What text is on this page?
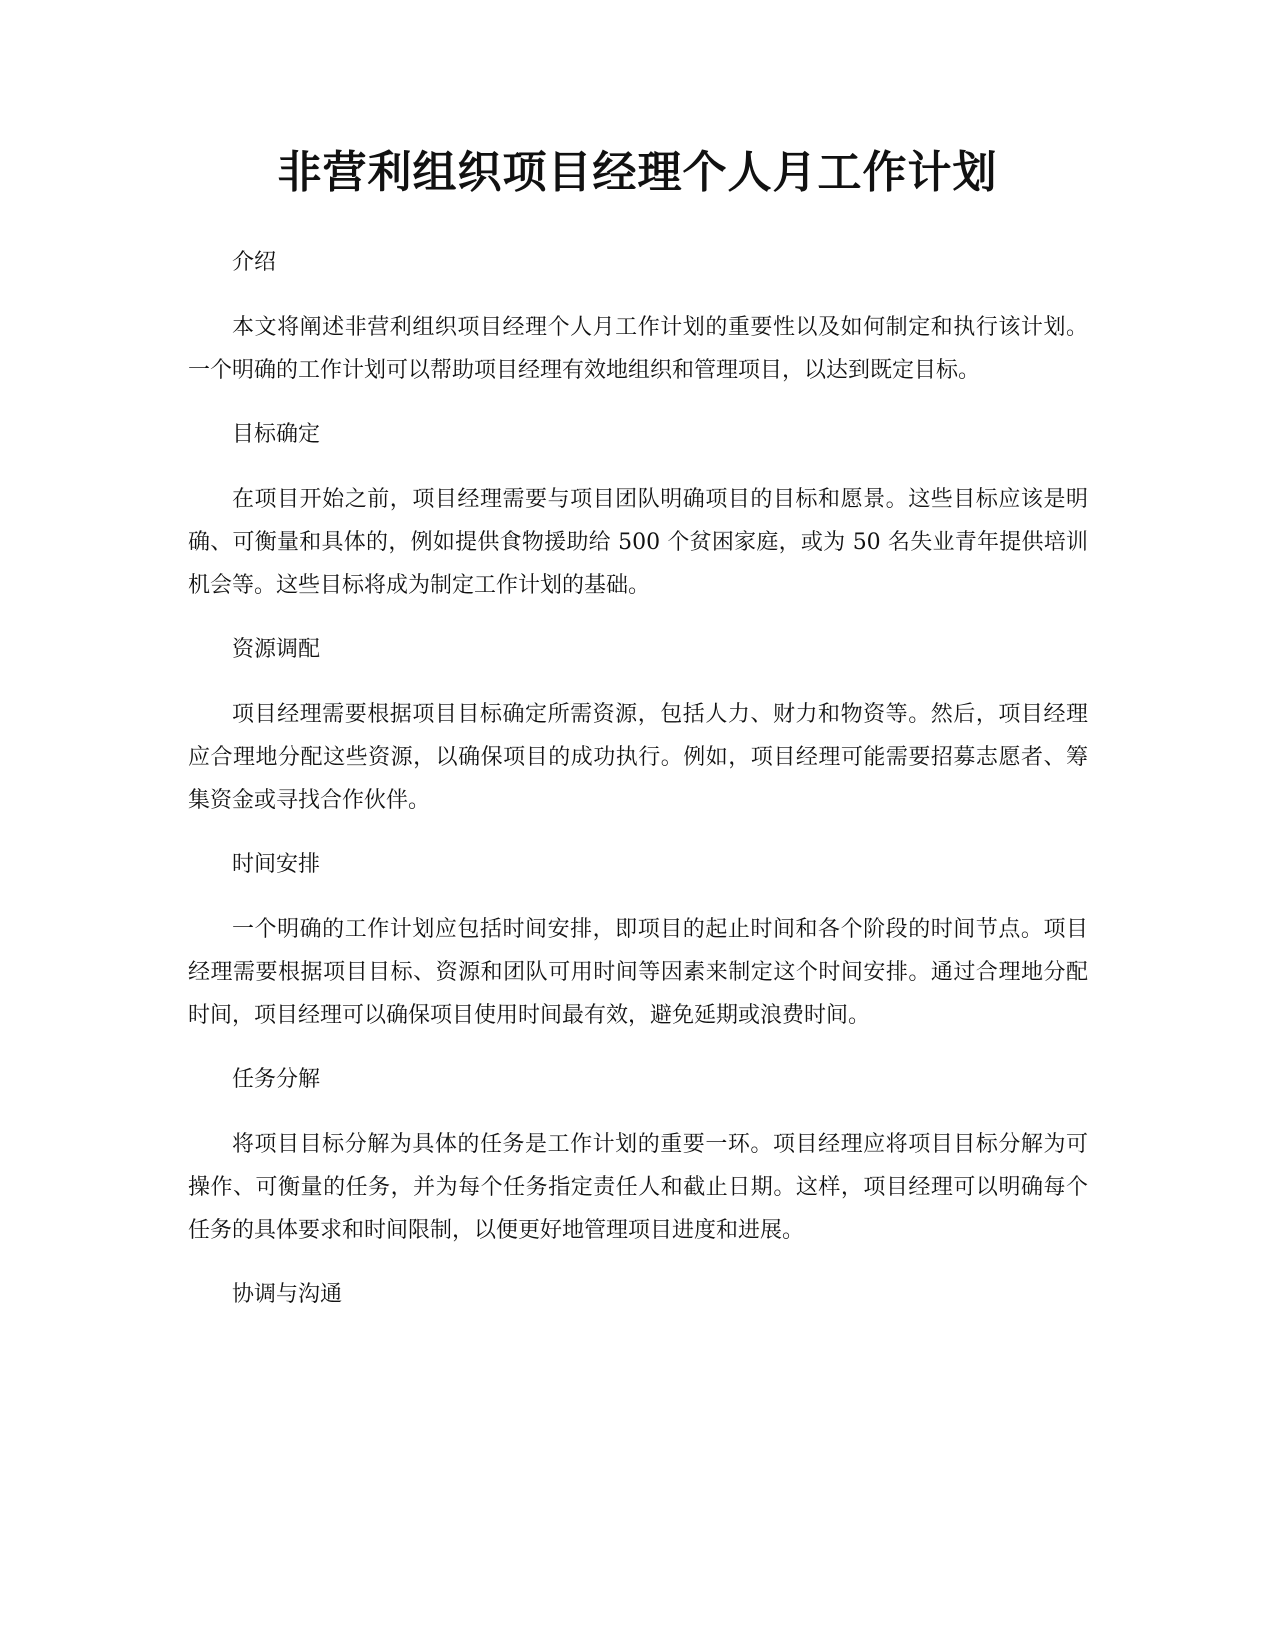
非营利组织项目经理个人月工作计划

介绍

本文将阐述非营利组织项目经理个人月工作计划的重要性以及如何制定和执行该计划。一个明确的工作计划可以帮助项目经理有效地组织和管理项目，以达到既定目标。

目标确定

在项目开始之前，项目经理需要与项目团队明确项目的目标和愿景。这些目标应该是明确、可衡量和具体的，例如提供食物援助给 500 个贫困家庭，或为 50 名失业青年提供培训机会等。这些目标将成为制定工作计划的基础。

资源调配

项目经理需要根据项目目标确定所需资源，包括人力、财力和物资等。然后，项目经理应合理地分配这些资源，以确保项目的成功执行。例如，项目经理可能需要招募志愿者、筹集资金或寻找合作伙伴。

时间安排

一个明确的工作计划应包括时间安排，即项目的起止时间和各个阶段的时间节点。项目经理需要根据项目目标、资源和团队可用时间等因素来制定这个时间安排。通过合理地分配时间，项目经理可以确保项目使用时间最有效，避免延期或浪费时间。

任务分解

将项目目标分解为具体的任务是工作计划的重要一环。项目经理应将项目目标分解为可操作、可衡量的任务，并为每个任务指定责任人和截止日期。这样，项目经理可以明确每个任务的具体要求和时间限制，以便更好地管理项目进度和进展。

协调与沟通
